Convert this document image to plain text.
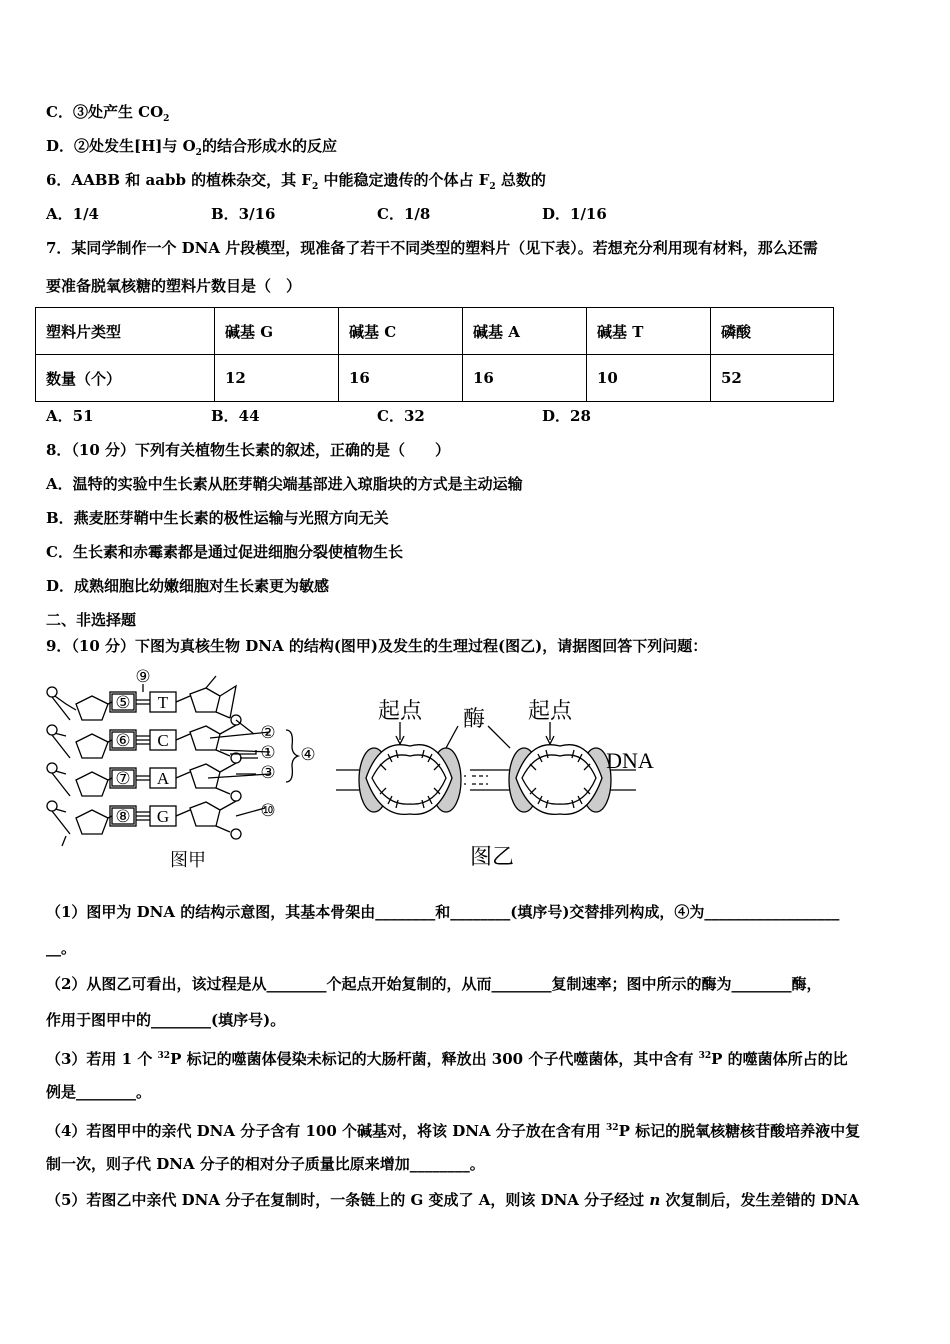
C．③处产生 $CO_2$
D．②处发生[H]与 $O_2$的结合形成水的反应
6．AABB 和 aabb 的植株杂交，其 $F_2$ 中能稳定遗传的个体占 $F_2$ 总数的
A．1/4	B．3/16	C．1/8	D．1/16
7．某同学制作一个 DNA 片段模型，现准备了若干不同类型的塑料片（见下表）。若想充分利用现有材料，那么还需
要准备脱氧核糖的塑料片数目是（　）
塑料片类型	碱基 G	碱基 C	碱基 A	碱基 T	磷酸
数量（个）	12	16	16	10	52
A．51	B．44	C．32	D．28
8．（10 分）下列有关植物生长素的叙述，正确的是（　　）
A．温特的实验中生长素从胚芽鞘尖端基部进入琼脂块的方式是主动运输
B．燕麦胚芽鞘中生长素的极性运输与光照方向无关
C．生长素和赤霉素都是通过促进细胞分裂使植物生长
D．成熟细胞比幼嫩细胞对生长素更为敏感
二、非选择题
9．（10 分）下图为真核生物 DNA 的结构(图甲)及发生的生理过程(图乙)，请据图回答下列问题：
⑤
⑥
⑦
⑧
T
C
A
G
⑨
②
①
③
④
⑩
图甲
起点 酶 起点
DNA
图乙
（1）图甲为 DNA 的结构示意图，其基本骨架由________和________(填序号)交替排列构成，④为__________________
__。
（2）从图乙可看出，该过程是从________个起点开始复制的，从而________复制速率；图中所示的酶为________酶，
作用于图甲中的________(填序号)。
（3）若用 1 个 $^{32}$P 标记的噬菌体侵染未标记的大肠杆菌，释放出 300 个子代噬菌体，其中含有 $^{32}$P 的噬菌体所占的比
例是________。
（4）若图甲中的亲代 DNA 分子含有 100 个碱基对，将该 DNA 分子放在含有用 $^{32}$P 标记的脱氧核糖核苷酸培养液中复
制一次，则子代 DNA 分子的相对分子质量比原来增加________。
（5）若图乙中亲代 DNA 分子在复制时，一条链上的 G 变成了 A，则该 DNA 分子经过 n 次复制后，发生差错的 DNA
